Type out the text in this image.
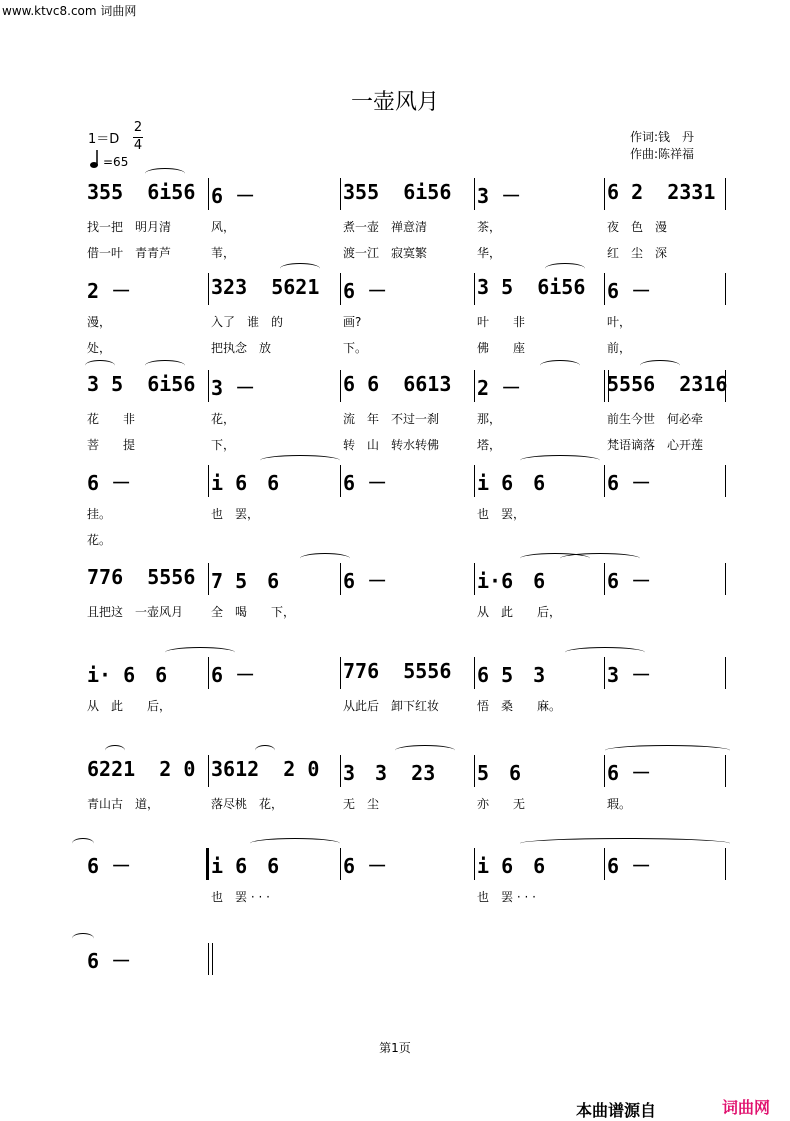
www.ktvc8.com 词曲网
一壶风月
1＝D
2
4
=65
作词:钱　丹
作曲:陈祥福
355  6i56
找一把　明月清
借一叶　青青芦
6 －
风，
苇，
355  6i56
煮一壶　禅意清
渡一江　寂寞繁
3 －
茶，
华，
6 2  2331
夜　色　漫
红　尘　深
2 －
漫，
处，
323  5621
入了　谁　的
把执念　放
6 －
画?
下。
3 5  6i56
叶　　非
佛　　座
6 －
叶，
前，
3 5  6i56
花　　非
菩　　提
3 －
花，
下，
6 6  6613
流　年　不过一刹
转　山　转水转佛
2 －
那，
塔，
5556  2316
前生今世　何必牵
梵语谪落　心开莲
6 －
挂。
花。
i 6　6
也　罢，
6 －	i 6　6
也　罢，
6 －
776  5556
且把这　一壶风月
7 5　6
全　喝　　下，
6 －	i·6　6
从　此　　后，
6 －
i· 6　6
从　此　　后，
6 －	776  5556
从此后　卸下红妆
6 5　3
悟　桑　　麻。
3 －
6221  2 0
青山古　道，
3612  2 0
落尽桃　花，
3　3  23
无　尘
5　6
亦　　无
6 －
瑕。
6 －	i 6　6
也　罢 · · ·
6 －	i 6　6
也　罢 · · ·
6 －
6 －
第1页
本曲谱源自	词曲网
